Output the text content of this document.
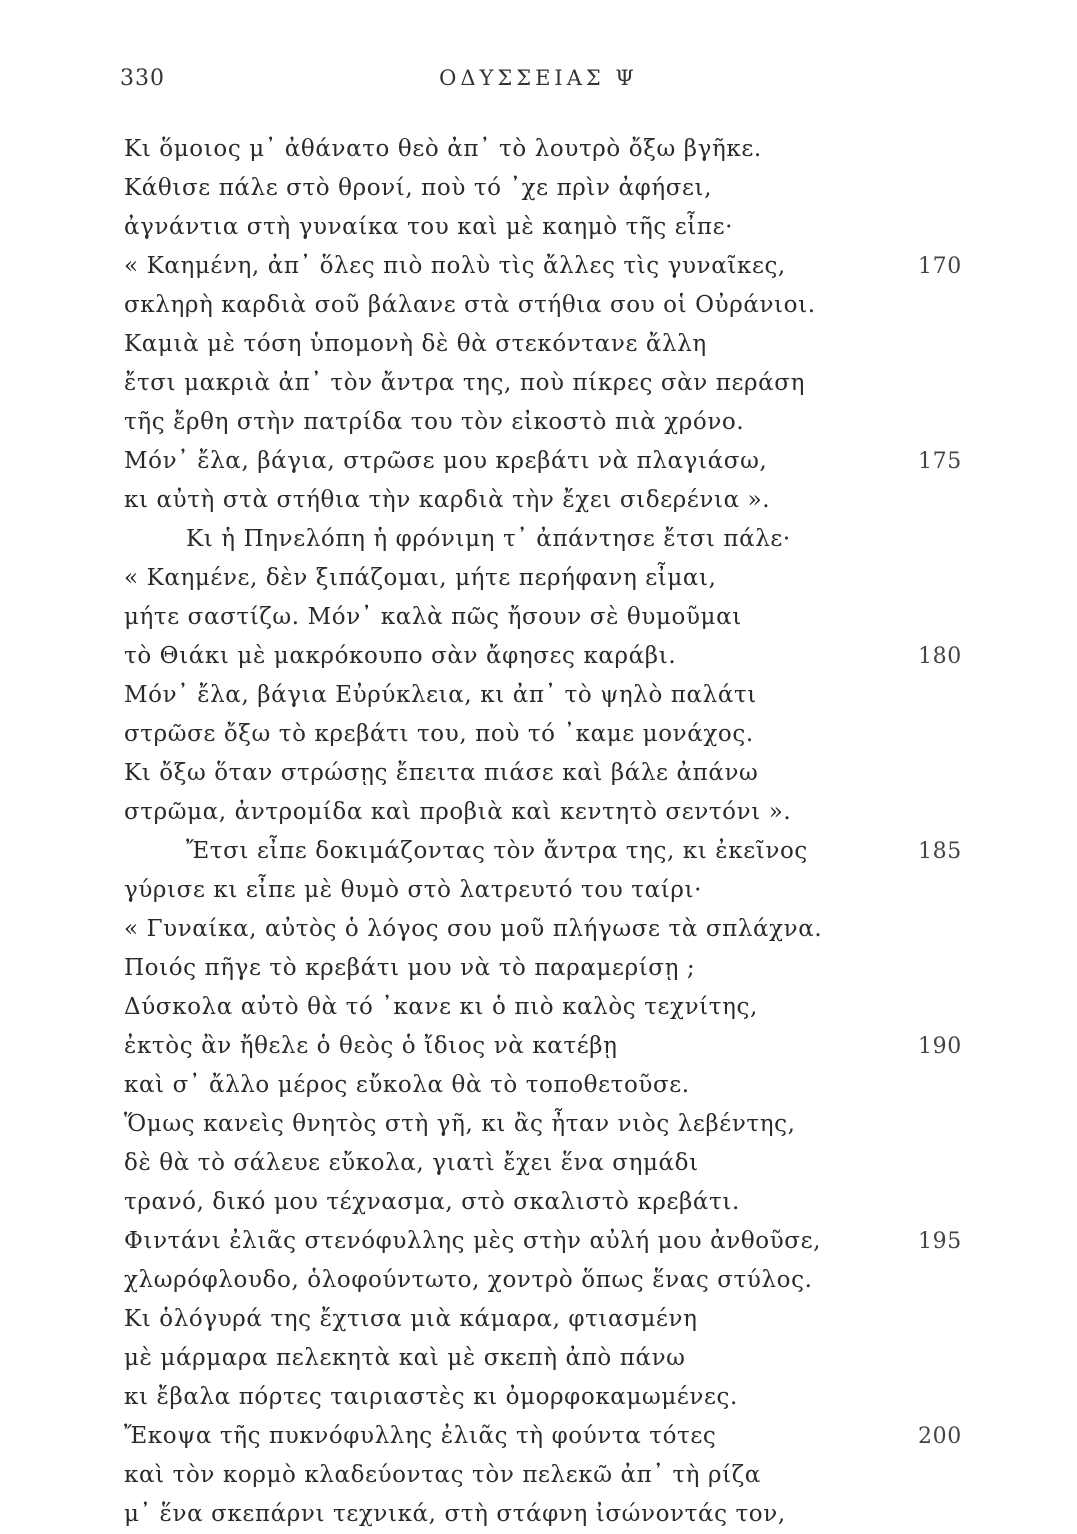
330	ΟΔΥΣΣΕΙΑΣ Ψ
Κι ὅμοιος μ᾽ ἀθάνατο θεὸ ἀπ᾽ τὸ λουτρὸ ὄξω βγῆκε.
Κάθισε πάλε στὸ θρονί, ποὺ τό ᾽χε πρὶν ἀφήσει,
ἀγνάντια στὴ γυναίκα του καὶ μὲ καημὸ τῆς εἶπε·
« Καημένη, ἀπ᾽ ὅλες πιὸ πολὺ τὶς ἄλλες τὶς γυναῖκες,	170
σκληρὴ καρδιὰ σοῦ βάλανε στὰ στήθια σου οἱ Οὐράνιοι.
Καμιὰ μὲ τόση ὑπομονὴ δὲ θὰ στεκόντανε ἄλλη
ἔτσι μακριὰ ἀπ᾽ τὸν ἄντρα της, ποὺ πίκρες σὰν περάση
τῆς ἔρθη στὴν πατρίδα του τὸν εἰκοστὸ πιὰ χρόνο.
Μόν᾽ ἔλα, βάγια, στρῶσε μου κρεβάτι νὰ πλαγιάσω,	175
κι αὐτὴ στὰ στήθια τὴν καρδιὰ τὴν ἔχει σιδερένια ».
Κι ἡ Πηνελόπη ἡ φρόνιμη τ᾽ ἀπάντησε ἔτσι πάλε·
« Καημένε, δὲν ξιπάζομαι, μήτε περήφανη εἶμαι,
μήτε σαστίζω. Μόν᾽ καλὰ πῶς ἤσουν σὲ θυμοῦμαι
τὸ Θιάκι μὲ μακρόκουπο σὰν ἄφησες καράβι.	180
Μόν᾽ ἔλα, βάγια Εὐρύκλεια, κι ἀπ᾽ τὸ ψηλὸ παλάτι
στρῶσε ὄξω τὸ κρεβάτι του, ποὺ τό ᾽καμε μονάχος.
Κι ὄξω ὅταν στρώσῃς ἔπειτα πιάσε καὶ βάλε ἀπάνω
στρῶμα, ἀντρομίδα καὶ προβιὰ καὶ κεντητὸ σεντόνι ».
Ἔτσι εἶπε δοκιμάζοντας τὸν ἄντρα της, κι ἐκεῖνος	185
γύρισε κι εἶπε μὲ θυμὸ στὸ λατρευτό του ταίρι·
« Γυναίκα, αὐτὸς ὁ λόγος σου μοῦ πλήγωσε τὰ σπλάχνα.
Ποιός πῆγε τὸ κρεβάτι μου νὰ τὸ παραμερίσῃ ;
Δύσκολα αὐτὸ θὰ τό ᾽κανε κι ὁ πιὸ καλὸς τεχνίτης,
ἐκτὸς ἂν ἤθελε ὁ θεὸς ὁ ἴδιος νὰ κατέβῃ	190
καὶ σ᾽ ἄλλο μέρος εὔκολα θὰ τὸ τοποθετοῦσε.
Ὅμως κανεὶς θνητὸς στὴ γῆ, κι ἂς ἦταν νιὸς λεβέντης,
δὲ θὰ τὸ σάλευε εὔκολα, γιατὶ ἔχει ἕνα σημάδι
τρανό, δικό μου τέχνασμα, στὸ σκαλιστὸ κρεβάτι.
Φιντάνι ἐλιᾶς στενόφυλλης μὲς στὴν αὐλή μου ἀνθοῦσε,	195
χλωρόφλουδο, ὁλοφούντωτο, χοντρὸ ὅπως ἕνας στύλος.
Κι ὁλόγυρά της ἔχτισα μιὰ κάμαρα, φτιασμένη
μὲ μάρμαρα πελεκητὰ καὶ μὲ σκεπὴ ἀπὸ πάνω
κι ἔβαλα πόρτες ταιριαστὲς κι ὀμορφοκαμωμένες.
Ἔκοψα τῆς πυκνόφυλλης ἐλιᾶς τὴ φούντα τότες	200
καὶ τὸν κορμὸ κλαδεύοντας τὸν πελεκῶ ἀπ᾽ τὴ ρίζα
μ᾽ ἕνα σκεπάρνι τεχνικά, στὴ στάφνη ἰσώνοντάς τον,
